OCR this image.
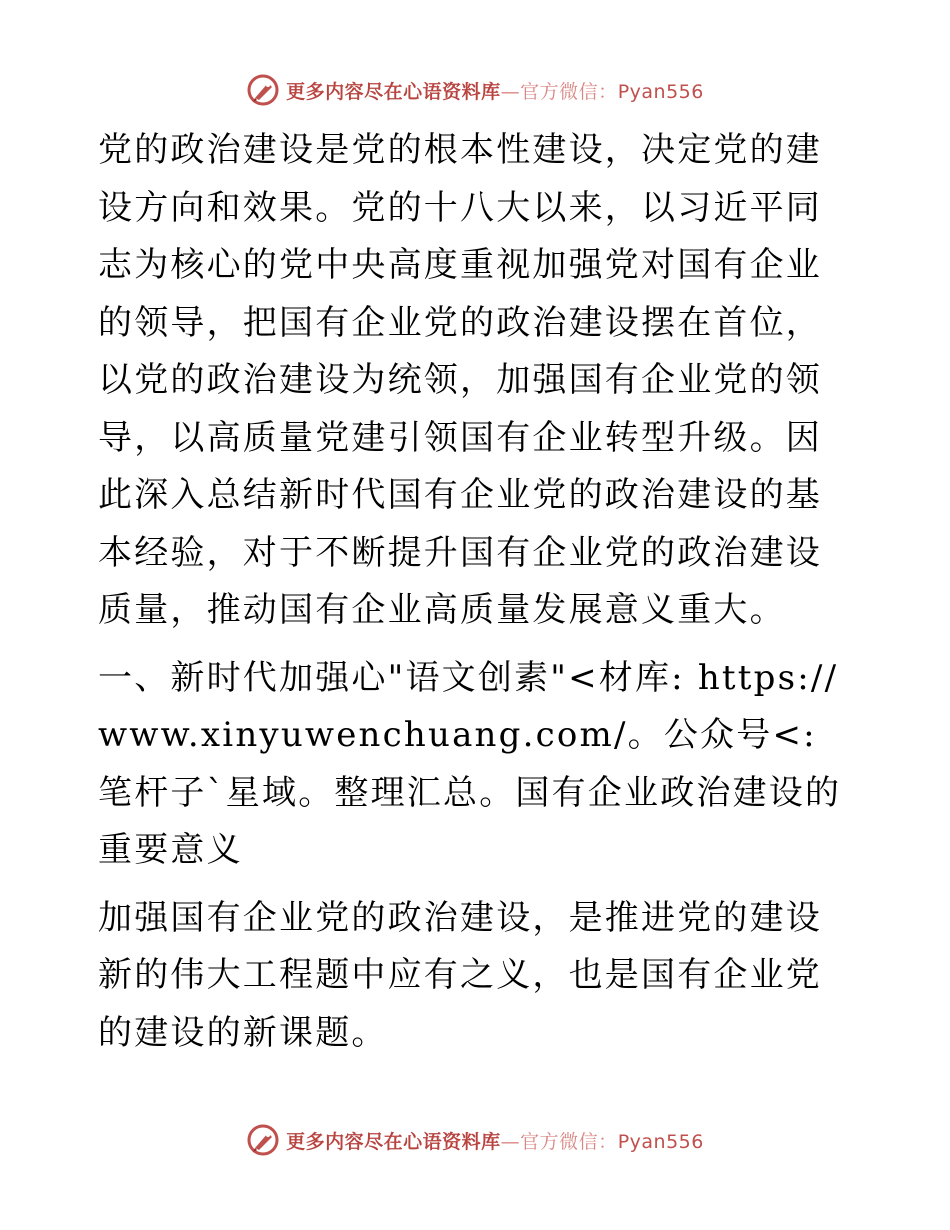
更多内容尽在心语资料库—官方微信：Pyan556

党的政治建设是党的根本性建设，决定党的建设方向和效果。党的十八大以来，以习近平同志为核心的党中央高度重视加强党对国有企业的领导，把国有企业党的政治建设摆在首位，以党的政治建设为统领，加强国有企业党的领导，以高质量党建引领国有企业转型升级。因此深入总结新时代国有企业党的政治建设的基本经验，对于不断提升国有企业党的政治建设质量，推动国有企业高质量发展意义重大。

一、新时代加强心"语文创素"<材库: https://www.xinyuwenchuang.com/。公众号<: 笔杆子`星域。整理汇总。国有企业政治建设的重要意义

加强国有企业党的政治建设，是推进党的建设新的伟大工程题中应有之义，也是国有企业党的建设的新课题。

更多内容尽在心语资料库—官方微信：Pyan556
